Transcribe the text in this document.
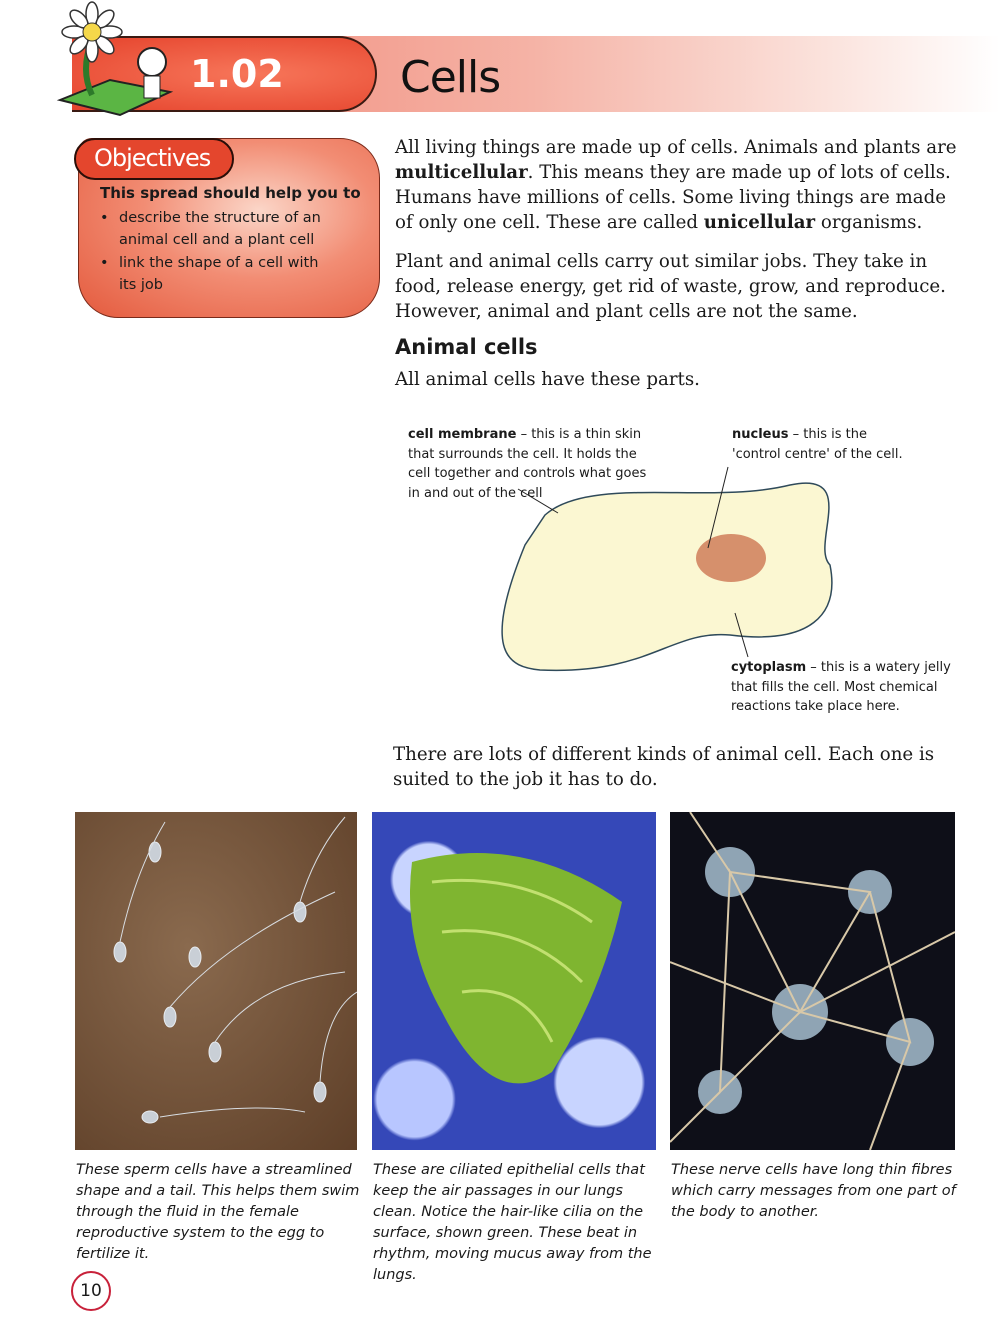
1.02	Cells
Objectives
This spread should help you to
• describe the structure of an animal cell and a plant cell
• link the shape of a cell with its job

All living things are made up of cells. Animals and plants are multicellular. This means they are made up of lots of cells. Humans have millions of cells. Some living things are made of only one cell. These are called unicellular organisms.

Plant and animal cells carry out similar jobs. They take in food, release energy, get rid of waste, grow, and reproduce. However, animal and plant cells are not the same.

Animal cells

All animal cells have these parts.

cell membrane – this is a thin skin that surrounds the cell. It holds the cell together and controls what goes in and out of the cell
nucleus – this is the 'control centre' of the cell.
cytoplasm – this is a watery jelly that fills the cell. Most chemical reactions take place here.

There are lots of different kinds of animal cell. Each one is suited to the job it has to do.

These sperm cells have a streamlined shape and a tail. This helps them swim through the fluid in the female reproductive system to the egg to fertilize it.

These are ciliated epithelial cells that keep the air passages in our lungs clean. Notice the hair-like cilia on the surface, shown green. These beat in rhythm, moving mucus away from the lungs.

These nerve cells have long thin fibres which carry messages from one part of the body to another.

10
